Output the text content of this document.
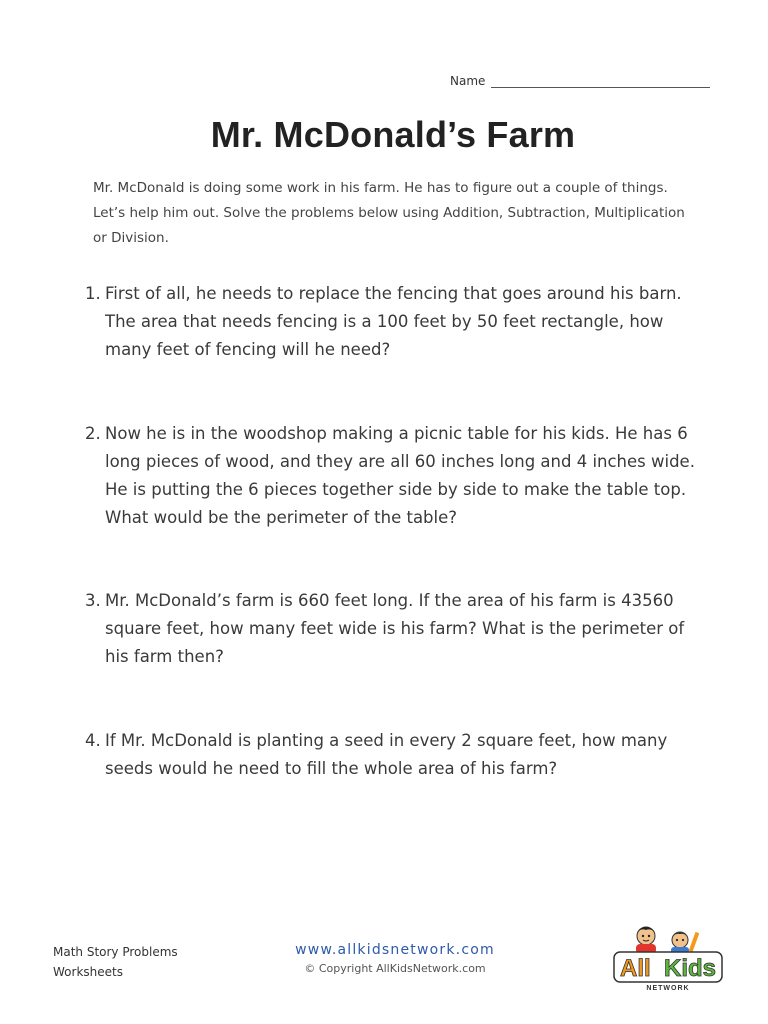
Name
Mr. McDonald’s Farm
Mr. McDonald is doing some work in his farm. He has to figure out a couple of things. Let’s help him out. Solve the problems below using Addition, Subtraction, Multiplication or Division.
1. First of all, he needs to replace the fencing that goes around his barn. The area that needs fencing is a 100 feet by 50 feet rectangle, how many feet of fencing will he need?
2. Now he is in the woodshop making a picnic table for his kids. He has 6 long pieces of wood, and they are all 60 inches long and 4 inches wide. He is putting the 6 pieces together side by side to make the table top. What would be the perimeter of the table?
3. Mr. McDonald’s farm is 660 feet long. If the area of his farm is 43560 square feet, how many feet wide is his farm? What is the perimeter of his farm then?
4. If Mr. McDonald is planting a seed in every 2 square feet, how many seeds would he need to fill the whole area of his farm?
Math Story Problems
Worksheets
www.allkidsnetwork.com
© Copyright AllKidsNetwork.com	All Kids
NETWORK
